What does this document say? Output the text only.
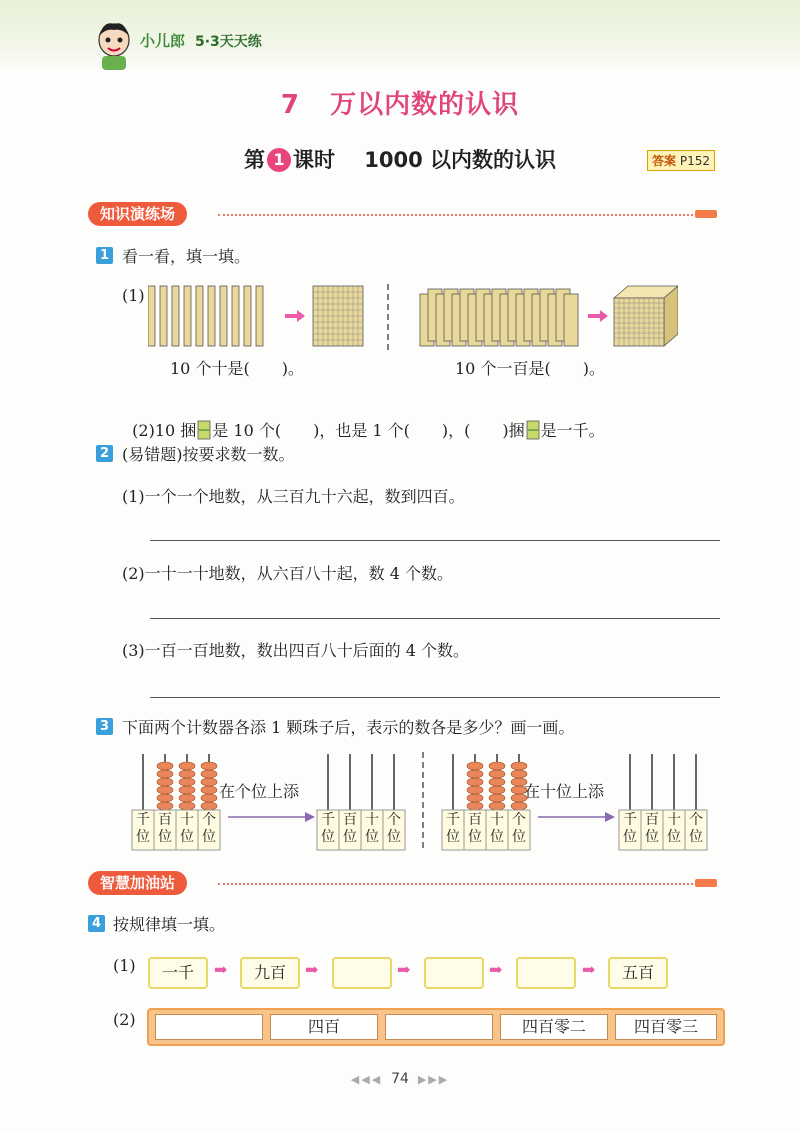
小儿郎 5·3天天练
7   万以内数的认识
第 1 课时 1000 以内数的认识	答案 P152
知识演练场
1 看一看，填一填。
(1)
10 个十是(　　)。	10 个一百是(　　)。

(2)10 捆 是 10 个(　　)，也是 1 个(　　)，(　　)捆 是一千。

2 (易错题)按要求数一数。
(1)一个一个地数，从三百九十六起，数到四百。
(2)一十一十地数，从六百八十起，数 4 个数。
(3)一百一百地数，数出四百八十后面的 4 个数。
3 下面两个计数器各添 1 颗珠子后，表示的数各是多少？画一画。
千
位
百
位
十
位
个
位
千
位
百
位
十
位
个
位
千
位
百
位
十
位
个
位
千
位
百
位
十
位
个
位
在个位上添	在十位上添
智慧加油站
4 按规律填一填。
(1)	一千	➡	九百	➡	➡	➡	➡	五百
(2)	四百	四百零二	四百零三
◀◀◀ 74 ▶▶▶
